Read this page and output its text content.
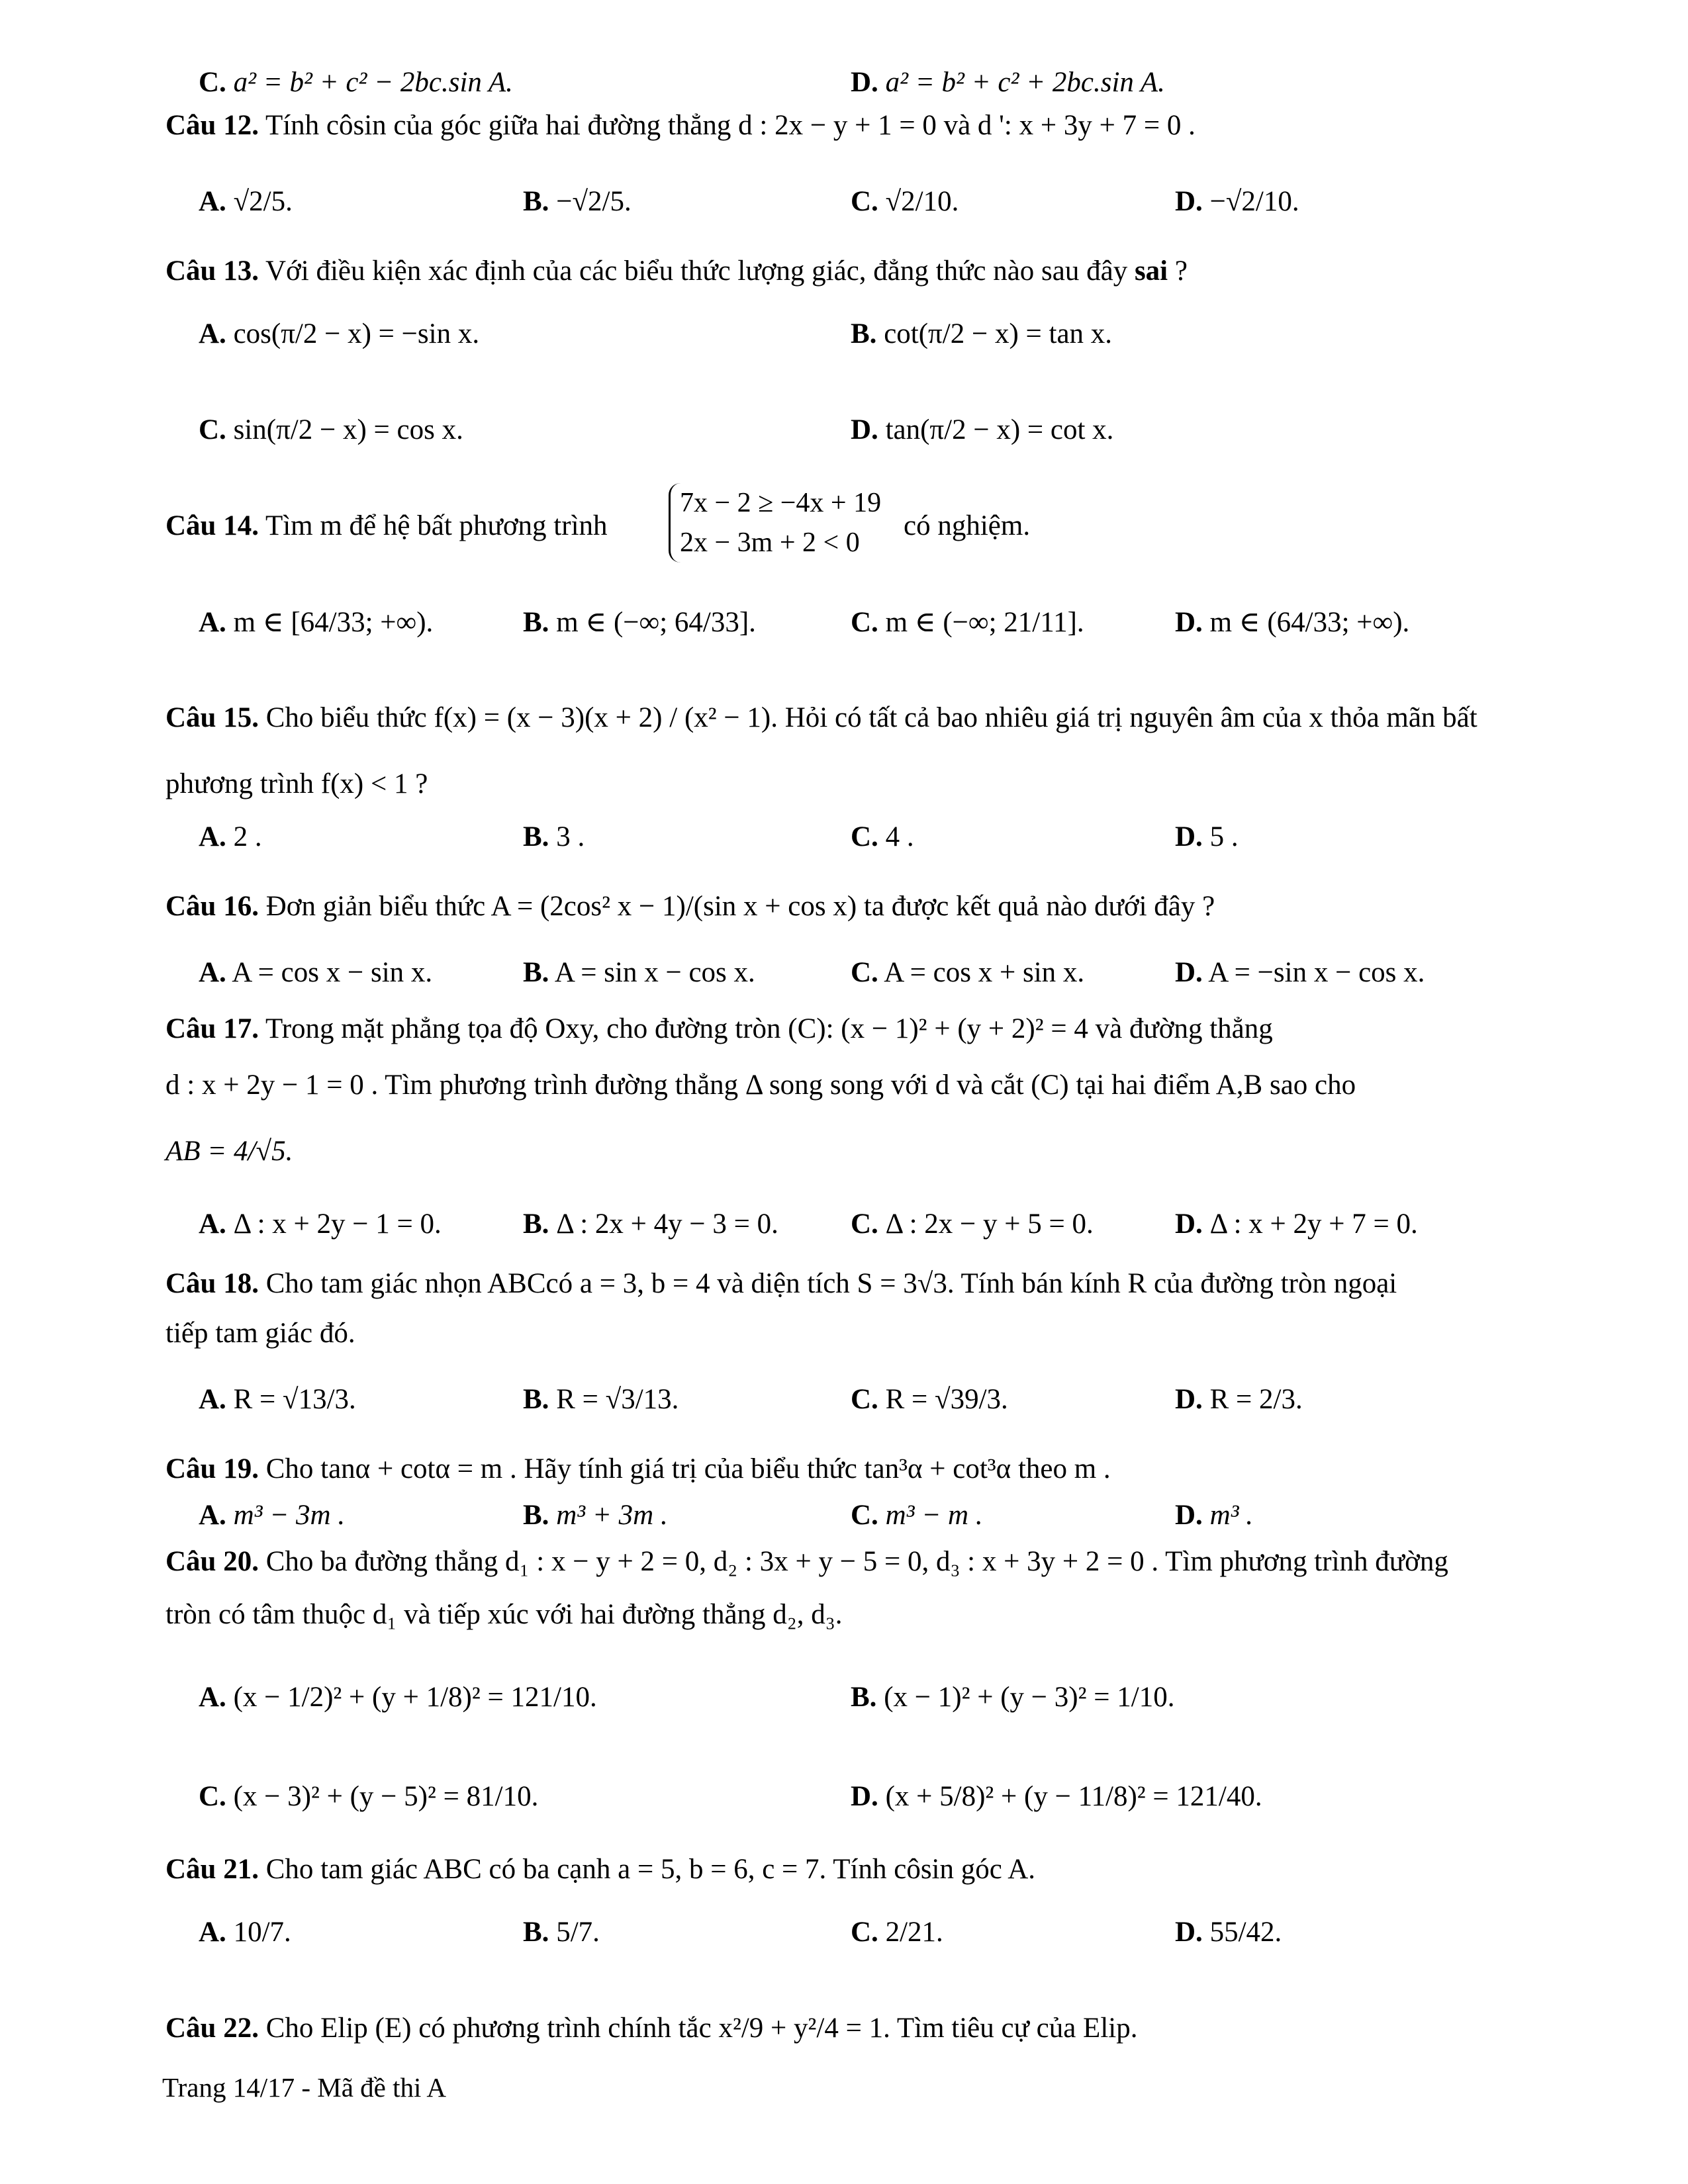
C. a² = b² + c² − 2bc.sin A.	D. a² = b² + c² + 2bc.sin A.
Câu 12. Tính côsin của góc giữa hai đường thẳng d : 2x − y + 1 = 0 và d ': x + 3y + 7 = 0 .
A. √2/5.	B. −√2/5.	C. √2/10.	D. −√2/10.
Câu 13. Với điều kiện xác định của các biểu thức lượng giác, đẳng thức nào sau đây sai ?
A. cos(π/2 − x) = −sin x.	B. cot(π/2 − x) = tan x.
C. sin(π/2 − x) = cos x.	D. tan(π/2 − x) = cot x.
Câu 14. Tìm m để hệ bất phương trình
7x − 2 ≥ −4x + 19
2x − 3m + 2 < 0
có nghiệm.
A. m ∈ [64/33; +∞).	B. m ∈ (−∞; 64/33].	C. m ∈ (−∞; 21/11].	D. m ∈ (64/33; +∞).
Câu 15. Cho biểu thức f(x) = (x − 3)(x + 2) / (x² − 1). Hỏi có tất cả bao nhiêu giá trị nguyên âm của x thỏa mãn bất
phương trình f(x) < 1 ?
A. 2 .	B. 3 .	C. 4 .	D. 5 .
Câu 16. Đơn giản biểu thức A = (2cos² x − 1)/(sin x + cos x) ta được kết quả nào dưới đây ?
A. A = cos x − sin x.	B. A = sin x − cos x.	C. A = cos x + sin x.	D. A = −sin x − cos x.
Câu 17. Trong mặt phẳng tọa độ Oxy, cho đường tròn (C): (x − 1)² + (y + 2)² = 4 và đường thẳng
d : x + 2y − 1 = 0 . Tìm phương trình đường thẳng Δ song song với d và cắt (C) tại hai điểm A,B sao cho
AB = 4/√5.
A. Δ : x + 2y − 1 = 0.	B. Δ : 2x + 4y − 3 = 0.	C. Δ : 2x − y + 5 = 0.	D. Δ : x + 2y + 7 = 0.
Câu 18. Cho tam giác nhọn ABCcó a = 3, b = 4 và diện tích S = 3√3. Tính bán kính R của đường tròn ngoại
tiếp tam giác đó.
A. R = √13/3.	B. R = √3/13.	C. R = √39/3.	D. R = 2/3.
Câu 19. Cho tanα + cotα = m . Hãy tính giá trị của biểu thức tan³α + cot³α theo m .
A. m³ − 3m .	B. m³ + 3m .	C. m³ − m .	D. m³ .
Câu 20. Cho ba đường thẳng d₁ : x − y + 2 = 0, d₂ : 3x + y − 5 = 0, d₃ : x + 3y + 2 = 0 . Tìm phương trình đường
tròn có tâm thuộc d₁ và tiếp xúc với hai đường thẳng d₂, d₃.
A. (x − 1/2)² + (y + 1/8)² = 121/10.	B. (x − 1)² + (y − 3)² = 1/10.
C. (x − 3)² + (y − 5)² = 81/10.	D. (x + 5/8)² + (y − 11/8)² = 121/40.
Câu 21. Cho tam giác ABC có ba cạnh a = 5, b = 6, c = 7. Tính côsin góc A.
A. 10/7.	B. 5/7.	C. 2/21.	D. 55/42.
Câu 22. Cho Elip (E) có phương trình chính tắc x²/9 + y²/4 = 1. Tìm tiêu cự của Elip.
Trang 14/17 - Mã đề thi A
